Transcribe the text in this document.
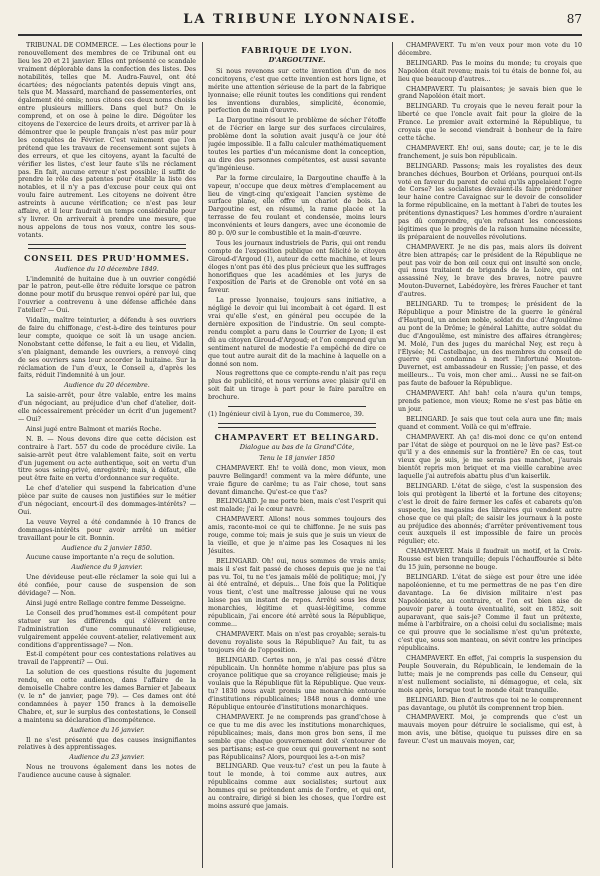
LA TRIBUNE LYONNAISE.	87

TRIBUNAL DE COMMERCE. — Les élections pour le renouvellement des membres de ce Tribunal ont eu lieu les 20 et 21 janvier. Elles ont présenté ce scandale vraiment déplorable dans la confection des listes. Des notabilités, telles que M. Audra-Fauvel, ont été écartées; des négociants patentés depuis vingt ans, tels que M. Massard, marchand de passementeries, ont également été omis; nous citons ces deux noms choisis entre plusieurs milliers. Dans quel but? On le comprend, et on ose à peine le dire. Dégoûter les citoyens de l'exercice de leurs droits, et arriver par là à démontrer que le peuple français n'est pas mûr pour les conquêtes de Février. C'est vainement que l'on prétend que les travaux de recensement sont sujets à des erreurs, et que les citoyens, ayant la faculté de vérifier les listes, c'est leur faute s'ils ne réclament pas. En fait, aucune erreur n'est possible; il suffit de prendre le rôle des patentes pour établir la liste des notables, et il n'y a pas d'excuse pour ceux qui ont voulu faire autrement. Les citoyens ne doivent être astreints à aucune vérification; ce n'est pas leur affaire, et il leur faudrait un temps considérable pour s'y livrer. On arriverait à prendre une mesure, que nous appelons de tous nos vœux, contre les sous-votants.

CONSEIL DES PRUD'HOMMES.

Audience du 10 décembre 1849.

L'indemnité de huitaine due à un ouvrier congédié par le patron, peut-elle être réduite lorsque ce patron donne pour motif du brusque renvoi opéré par lui, que l'ouvrier a contrevenu à une défense affichée dans l'atelier? — Oui.

Vidalin, maître teinturier, a défendu à ses ouvriers de faire du chiffonage, c'est-à-dire des teintures pour leur compte, quoique ce soit là un usage ancien. Nonobstant cette défense, le fait a eu lieu, et Vidalin, s'en plaignant, demande les ouvriers, a renvoyé cinq de ses ouvriers sans leur accorder la huitaine. Sur la réclamation de l'un d'eux, le Conseil a, d'après les faits, réduit l'indemnité à un jour.

Audience du 20 décembre.

La saisie-arrêt, pour être valable, entre les mains d'un négociant, au préjudice d'un chef d'atelier, doit-elle nécessairement précéder un écrit d'un jugement? — Oui?

Ainsi jugé entre Balmont et mariés Roche.

N. B. — Nous devons dire que cette décision est contraire à l'art. 557 du code de procédure civile. La saisie-arrêt peut être valablement faite, soit en vertu d'un jugement ou acte authentique, soit en vertu d'un titre sous seing-privé, enregistré; mais, à défaut, elle peut être faite en vertu d'ordonnance sur requête.

Le chef d'atelier qui suspend la fabrication d'une pièce par suite de causes non justifiées sur le métier d'un négociant, encourt-il des dommages-intérêts? — Oui.

La veuve Veyrel a été condamnée à 10 francs de dommages-intérêts pour avoir arrêté un métier travaillant pour le cit. Bonnin.

Audience du 2 janvier 1850.

Aucune cause importante n'a reçu de solution.

Audience du 9 janvier.

Une dévideuse peut-elle réclamer la soie qui lui a été confiée, pour cause de suspension de son dévidage? — Non.

Ainsi jugé entre Rellage contre femme Desseigne.

Le Conseil des prud'hommes est-il compétent pour statuer sur les différends qui s'élèvent entre l'administration d'une communauté religieuse, vulgairement appelée couvent-atelier, relativement aux conditions d'apprentissage? — Non.

Est-il compétent pour ces contestations relatives au travail de l'apprenti? — Oui.

La solution de ces questions résulte du jugement rendu, en cette audience, dans l'affaire de la demoiselle Chabre contre les dames Barnier et Jabeaux (v. le n° de janvier, page 79). — Ces dames ont été condamnées à payer 150 francs à la demoiselle Chabre, et, sur le surplus des contestations, le Conseil a maintenu sa déclaration d'incompétence.

Audience du 16 janvier.

Il ne s'est présenté que des causes insignifiantes relatives à des apprentissages.

Audience du 23 janvier.

Nous ne trouvons également dans les notes de l'audience aucune cause à signaler.

FABRIQUE DE LYON.

D'ARGOUTINE.

Si nous revenons sur cette invention d'un de nos concitoyens, c'est que cette invention est hors ligne, et mérite une attention sérieuse de la part de la fabrique lyonnaise; elle réunit toutes les conditions qui rendent les inventions durables, simplicité, économie, perfection de main d'œuvre.

La Dargoutine résout le problème de sécher l'étoffe et de l'écrier en large sur des surfaces circulaires, problème dont la solution avait jusqu'à ce jour été jugée impossible. Il a fallu calculer mathématiquement toutes les parties d'un mécanisme dont la conception, au dire des personnes compétentes, est aussi savante qu'ingénieuse.

Par la forme circulaire, la Dargoutine chauffe à la vapeur, n'occupe que deux mètres d'emplacement au lieu de vingt-cinq qu'exigeait l'ancien système de surface plane, elle offre un chariot de bois. La Dargoutine est, en résumé, la rame placée et la terrasse de feu roulant et condensée, moins leurs inconvénients et leurs dangers, avec une économie de 80 p. 0/0 sur le combustible et la main-d'œuvre.

Tous les journaux industriels de Paris, qui ont rendu compte de l'exposition publique ont félicité le citoyen Giroud-d'Argoud (1), auteur de cette machine, et leurs éloges n'ont pas été des plus précieux que les suffrages honorifiques que les académies et les jurys de l'exposition de Paris et de Grenoble ont voté en sa faveur.

La presse lyonnaise, toujours sans initiative, a négligé le devoir qui lui incombait à cet égard. Il est vrai qu'elle s'est, en général peu occupée de la dernière exposition de l'industrie. On seul compte-rendu complet a paru dans le Courrier de Lyon; il est dû au citoyen Giroud-d'Argoud; et l'on comprend qu'un sentiment naturel de modestie l'a empêché de dire ce que tout autre aurait dit de la machine à laquelle on a donné son nom.

Nous regrettons que ce compte-rendu n'ait pas reçu plus de publicité, et nous verrions avec plaisir qu'il en soit fait un tirage à part pour le faire paraître en brochure.

(1) Ingénieur civil à Lyon, rue du Commerce, 39.

CHAMPAVERT ET BELINGARD.

Dialogue au bas de la Grand'Côte,

Tenu le 18 janvier 1850

CHAMPAVERT. Eh! te voilà donc, mon vieux, mon pauvre Belingard! comment va la mère défunte, une vraie figure de carême; tu as l'air chose, tout sans devant dimanche. Qu'est-ce que t'as?

BELINGARD. Je me porte bien, mais c'est l'esprit qui est malade; j'ai le cœur navré.

CHAMPAVERT. Allons! nous sommes toujours des amis, raconte-moi ce qui te chiffonne. Je ne suis pas rouge, comme toi; mais je suis que je suis un vieux de la vieille, et que je n'aime pas les Cosaques ni les Jésuites.

BELINGARD. Oh! oui, nous sommes de vrais amis; mais il s'est fait passé de choses depuis que je ne t'ai pas vu. Toi, tu ne t'es jamais mêlé de politique; moi, j'y ai été entraîné, et depuis... Une fois que la Politique vous tient, c'est une maîtresse jalouse qui ne vous laisse pas un instant de repos. Arrêté sous les deux monarchies, légitime et quasi-légitime, comme républicain, j'ai encore été arrêté sous la République, comme...

CHAMPAVERT. Mais on n'est pas croyable; serais-tu devenu royaliste sous la République? Au fait, tu as toujours été de l'opposition.

BELINGARD. Certes non, je n'ai pas cessé d'être républicain. Un honnête homme n'abjure pas plus sa croyance politique que sa croyance religieuse; mais je voulais que la République fût la République. Que veux-tu? 1830 nous avait promis une monarchie entourée d'institutions républicaines; 1848 nous a donné une République entourée d'institutions monarchiques.

CHAMPAVERT. Je ne comprends pas grand'chose à ce que tu me dis avec les institutions monarchiques, républicaines; mais, dans mon gros bon sens, il me semble que chaque gouvernement doit s'entourer de ses partisans; est-ce que ceux qui gouvernent ne sont pas Républicains? Alors, pourquoi les a-t-on mis?

BELINGARD. Que veux-tu? c'est un peu la faute à tout le monde, à toi comme aux autres, aux républicains comme aux socialistes; surtout aux hommes qui se prétendent amis de l'ordre, et qui ont, au contraire, dirigé si bien les choses, que l'ordre est moins assuré que jamais.

CHAMPAVERT. Tu m'en veux pour mon vote du 10 décembre.

BELINGARD. Pas le moins du monde; tu croyais que Napoléon était revenu; mais toi tu étais de bonne foi, au lieu que beaucoup d'autres...

CHAMPAVERT. Tu plaisantes; je savais bien que le grand Napoléon était mort.

BELINGARD. Tu croyais que le neveu ferait pour la liberté ce que l'oncle avait fait pour la gloire de la France. Le premier avait exterminé la République, tu croyais que le second viendrait à bonheur de la faire cette tâche.

CHAMPAVERT. Eh! oui, sans doute; car, je te le dis franchement, je suis bon républicain.

BELINGARD. Passons; mais les royalistes des deux branches déchues, Bourbon et Orléans, pourquoi ont-ils voté en faveur du parent de celui qu'ils appelaient l'ogre de Corse? les socialistes devaient-ils faire prédominer leur haine contre Cavaignac sur le devoir de consolider la forme républicaine, en la mettant à l'abri de toutes les prétentions dynastiques? Les hommes d'ordre n'auraient pas dû comprendre, qu'en refusant les concessions légitimes que le progrès de la raison humaine nécessite, ils préparaient de nouvelles révolutions.

CHAMPAVERT. Je ne dis pas, mais alors ils doivent être bien attrapés; car le président de la République ne peut pas voir de bon œil ceux qui ont insulté son oncle, qui nous traitaient de brigands de la Loire, qui ont assassiné Ney, le brave des braves, notre pauvre Mouton-Duvernet, Labédoyère, les frères Faucher et tant d'autres.

BELINGARD. Tu te trompes; le président de la République a pour Ministre de la guerre le général d'Hautpoul, un ancien noble, soldat du duc d'Angoulême au pont de la Drôme; le général Lahitte, autre soldat du duc d'Angoulême, est ministre des affaires étrangères; M. Molé, l'un des juges du maréchal Ney, est reçu à l'Élysée; M. Castelbajac, un des membres du conseil de guerre qui condamna à mort l'infortuné Mouton-Duvernet, est ambassadeur en Russie; j'en passe, et des meilleurs... Tu vois, mon cher ami... Aussi ne se fait-on pas faute de bafouer la République.

CHAMPAVERT. Ah! bah! cela n'aura qu'un temps, prends patience, mon vieux; Rome ne s'est pas bâtie en un jour.

BELINGARD. Je sais que tout cela aura une fin; mais quand et comment. Voilà ce qui m'effraie.

CHAMPAVERT. Ah ça! dis-moi donc ce qu'on entend par l'état de siège et pourquoi on ne le lève pas? Est-ce qu'il y a des ennemis sur la frontière? En ce cas, tout vieux que je suis, je me serais pas manchot, j'aurais bientôt repris mon briquet et ma vieille carabine avec laquelle j'ai autrefois abattu plus d'un kaiserlik.

BELINGARD. L'état de siège, c'est la suspension des lois qui protègent la liberté et la fortune des citoyens; c'est le droit de faire fermer les cafés et cabarets qu'on suspecte, les magasins des libraires qui vendent autre chose que ce qui plaît; de saisir les journaux à la poste au préjudice des abonnés; d'arrêter préventivement tous ceux auxquels il est impossible de faire un procès régulier; etc.

CHAMPAVERT. Mais il faudrait un motif, et la Croix-Rousse est bien tranquille; depuis l'échauffourée si bête du 15 juin, personne ne bouge.

BELINGARD. L'état de siège est pour être une idée napoléonienne, et tu me permettras de ne pas t'en dire davantage. La 6e division militaire n'est pas Napoléoniste, au contraire, et l'on est bien aise de pouvoir parer à toute éventualité, soit en 1852, soit auparavant, que sais-je? Comme il faut un prétexte, même à l'arbitraire, on a choisi celui du socialisme; mais ce qui prouve que le socialisme n'est qu'un prétexte, c'est que, sous son manteau, on sévit contre les principes républicains.

CHAMPAVERT. En effet, j'ai compris la suspension du Peuple Souverain, du Républicain, le lendemain de la lutte; mais je ne comprends pas celle du Censeur, qui n'est nullement socialiste, ni démagogue, et cela, six mois après, lorsque tout le monde était tranquille.

BELINGARD. Bien d'autres que toi ne le comprennent pas davantage, ou plutôt ils comprennent trop bien.

CHAMPAVERT. Moi, je comprends que c'est un mauvais moyen pour détruire le socialisme, qui est, à mon avis, une bêtise, quoique tu puisses dire en sa faveur. C'est un mauvais moyen, car,
